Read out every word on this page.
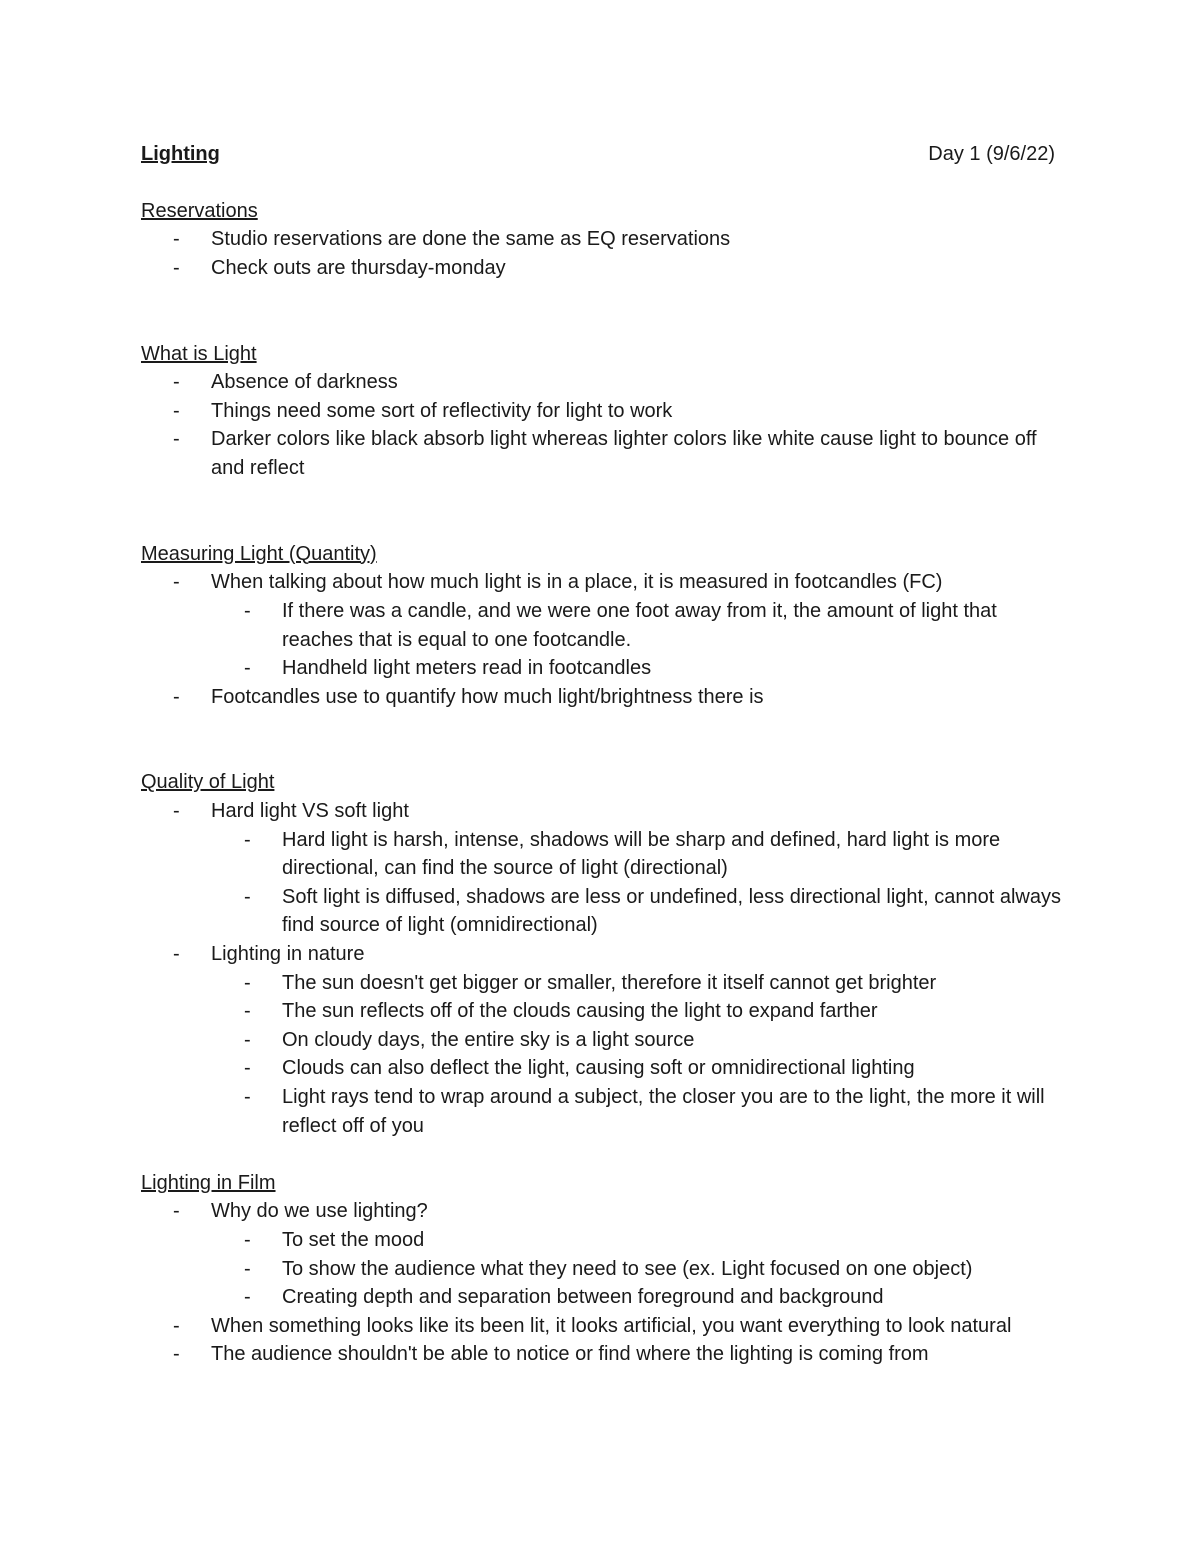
Lighting	Day 1 (9/6/22)
Reservations
- Studio reservations are done the same as EQ reservations
- Check outs are thursday-monday
What is Light
- Absence of darkness
- Things need some sort of reflectivity for light to work
- Darker colors like black absorb light whereas lighter colors like white cause light to bounce off and reflect
Measuring Light (Quantity)
- When talking about how much light is in a place, it is measured in footcandles (FC)
- If there was a candle, and we were one foot away from it, the amount of light that reaches that is equal to one footcandle.
- Handheld light meters read in footcandles
- Footcandles use to quantify how much light/brightness there is
Quality of Light
- Hard light VS soft light
- Hard light is harsh, intense, shadows will be sharp and defined, hard light is more directional, can find the source of light (directional)
- Soft light is diffused, shadows are less or undefined, less directional light, cannot always find source of light (omnidirectional)
- Lighting in nature
- The sun doesn't get bigger or smaller, therefore it itself cannot get brighter
- The sun reflects off of the clouds causing the light to expand farther
- On cloudy days, the entire sky is a light source
- Clouds can also deflect the light, causing soft or omnidirectional lighting
- Light rays tend to wrap around a subject, the closer you are to the light, the more it will reflect off of you
Lighting in Film
- Why do we use lighting?
- To set the mood
- To show the audience what they need to see (ex. Light focused on one object)
- Creating depth and separation between foreground and background
- When something looks like its been lit, it looks artificial, you want everything to look natural
- The audience shouldn't be able to notice or find where the lighting is coming from
